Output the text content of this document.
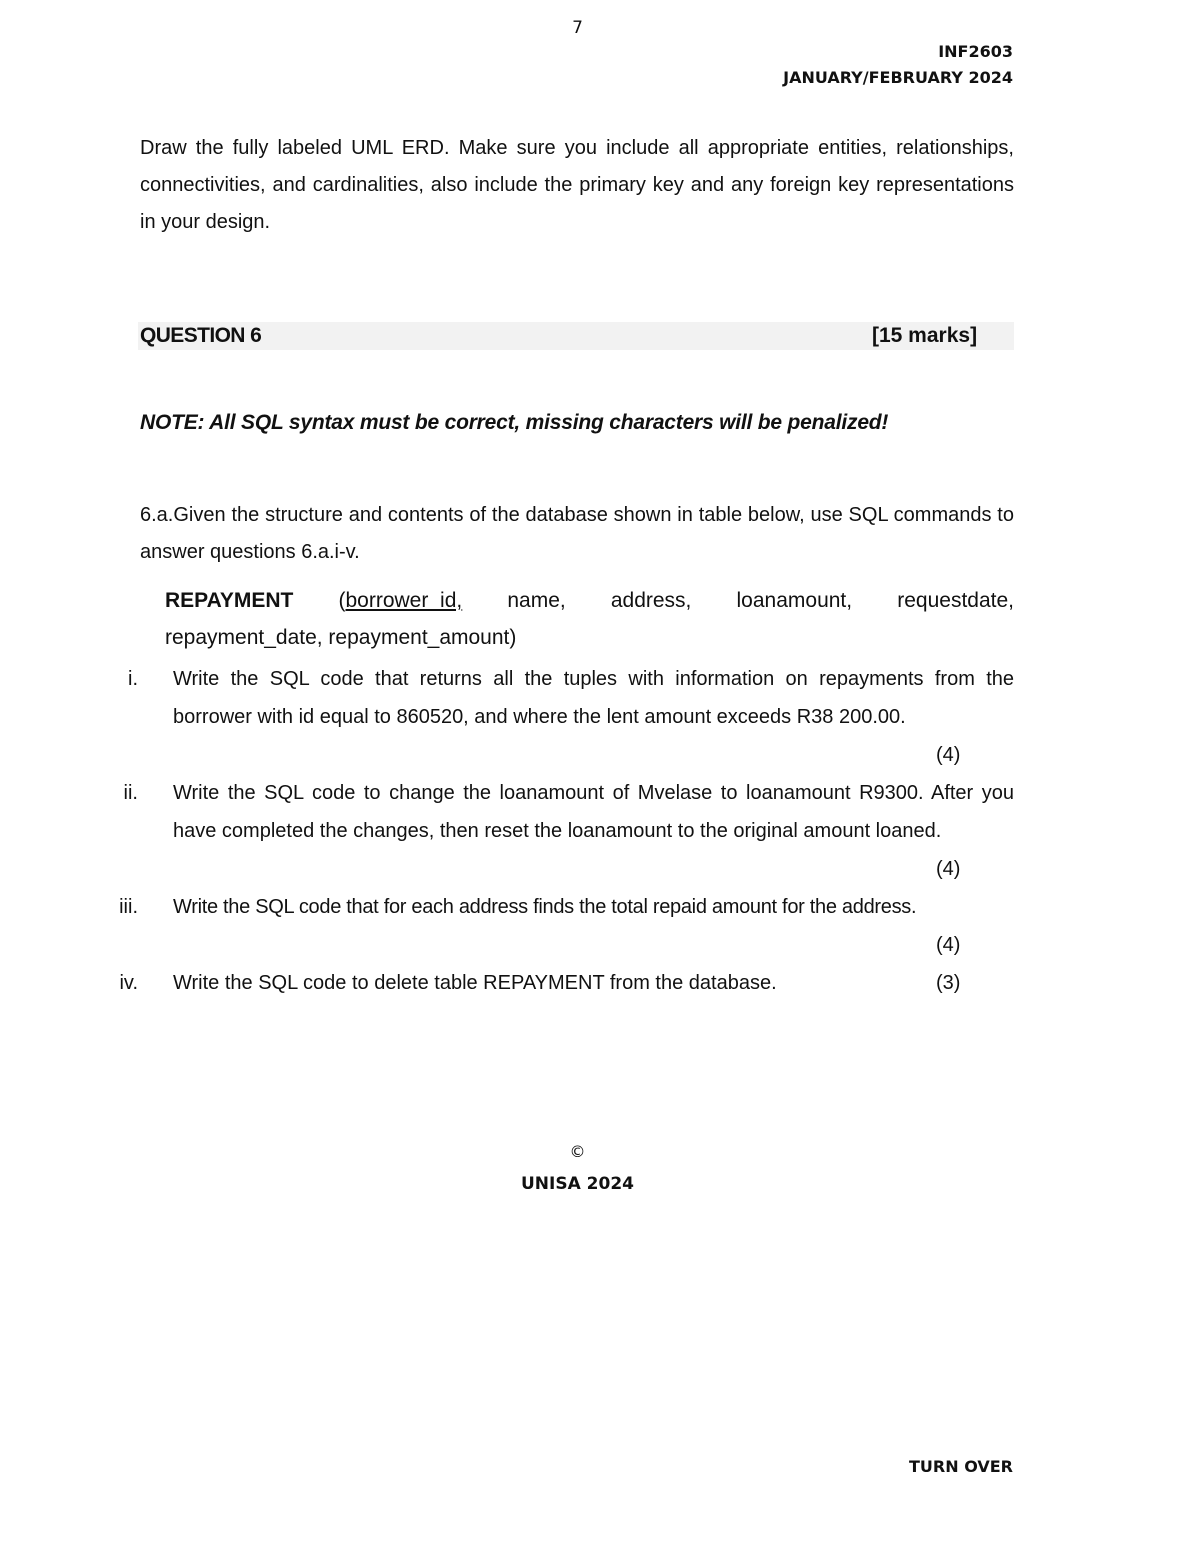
7
INF2603
JANUARY/FEBRUARY 2024
Draw the fully labeled UML ERD. Make sure you include all appropriate entities, relationships, connectivities, and cardinalities, also include the primary key and any foreign key representations in your design.
QUESTION 6	[15 marks]
NOTE: All SQL syntax must be correct, missing characters will be penalized!
6.a.Given the structure and contents of the database shown in table below, use SQL commands to answer questions 6.a.i-v.
REPAYMENT (borrower_id, name, address, loanamount, requestdate,
repayment_date, repayment_amount)
i. Write the SQL code that returns all the tuples with information on repayments from the borrower with id equal to 860520, and where the lent amount exceeds R38 200.00.
(4)
ii. Write the SQL code to change the loanamount of Mvelase to loanamount R9300. After you have completed the changes, then reset the loanamount to the original amount loaned.
(4)
iii. Write the SQL code that for each address finds the total repaid amount for the address.
(4)
iv. Write the SQL code to delete table REPAYMENT from the database.	(3)
©
UNISA 2024
TURN OVER
